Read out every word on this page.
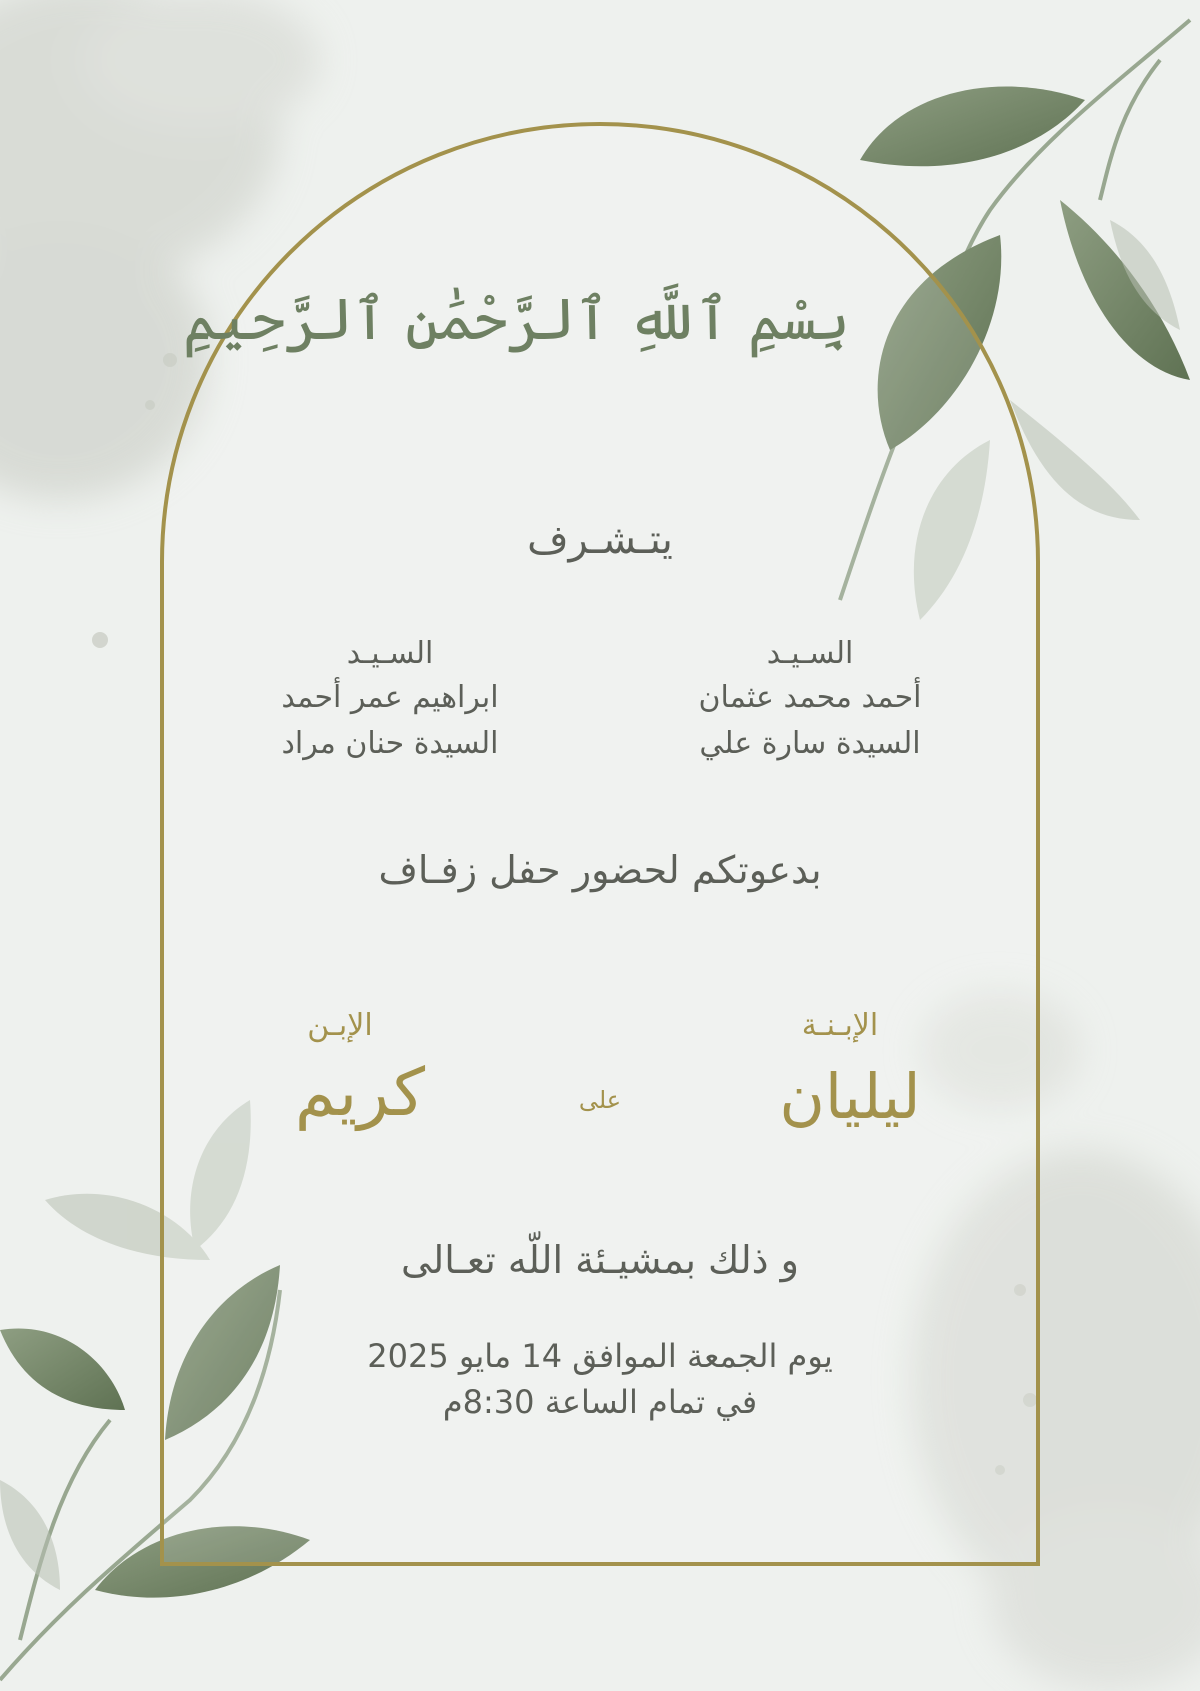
بِسْمِ ٱللَّهِ ٱلرَّحْمَٰنِ ٱلرَّحِيمِ
يتـشـرف
السـيـد
أحمد محمد عثمان
السيدة سارة علي
السـيـد
ابراهيم عمر أحمد
السيدة حنان مراد
بدعوتكم لحضور حفل زفـاف
الإبـنـة
الإبـن
ليليان
على
كريم
و ذلك بمشيـئة اللّه تعـالى
يوم الجمعة الموافق 14 مايو 2025
في تمام الساعة 8:30م
